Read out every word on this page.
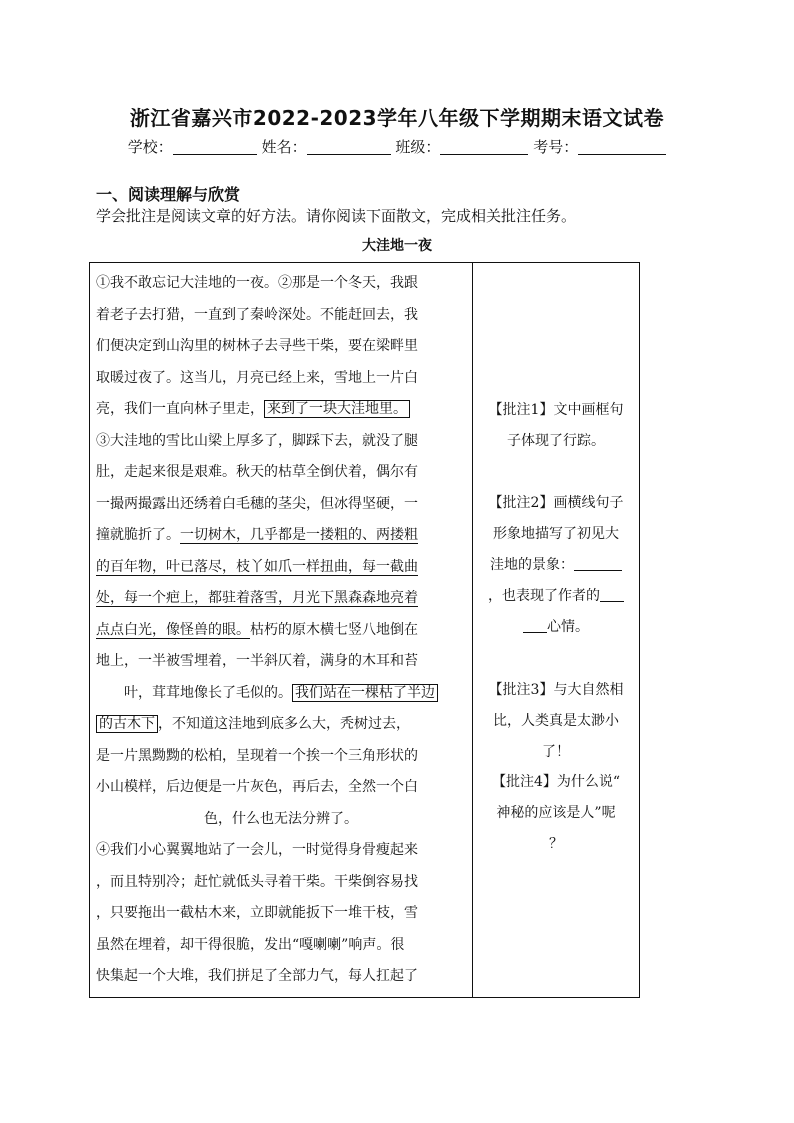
浙江省嘉兴市2022-2023学年八年级下学期期末语文试卷
学校：	姓名：	班级：	考号：
一、阅读理解与欣赏
学会批注是阅读文章的好方法。请你阅读下面散文，完成相关批注任务。
大洼地一夜
①我不敢忘记大洼地的一夜。②那是一个冬天，我跟
着老子去打猎，一直到了秦岭深处。不能赶回去，我
们便决定到山沟里的树林子去寻些干柴，要在梁畔里
取暖过夜了。这当儿，月亮已经上来，雪地上一片白
亮，我们一直向林子里走， 来到了一块大洼地里。
③大洼地的雪比山梁上厚多了，脚踩下去，就没了腿
肚，走起来很是艰难。秋天的枯草全倒伏着，偶尔有
一撮两撮露出还绣着白毛穗的茎尖，但冰得坚硬，一
撞就脆折了。一切树木，几乎都是一搂粗的、两搂粗
的百年物，叶已落尽，枝丫如爪一样扭曲，每一截曲
处，每一个疤上，都驻着落雪，月光下黑森森地亮着
点点白光，像怪兽的眼。枯朽的原木横七竖八地倒在
地上，一半被雪埋着，一半斜仄着，满身的木耳和苔
叶，茸茸地像长了毛似的。 我们站在一棵枯了半边
的古木下 ，不知道这洼地到底多么大，秃树过去，
是一片黑黝黝的松柏，呈现着一个挨一个三角形状的
小山模样，后边便是一片灰色，再后去，全然一个白
色，什么也无法分辨了。
④我们小心翼翼地站了一会儿，一时觉得身骨瘦起来
，而且特别冷；赶忙就低头寻着干柴。干柴倒容易找
，只要拖出一截枯木来，立即就能扳下一堆干枝，雪
虽然在埋着，却干得很脆，发出“嘎喇喇”响声。很
快集起一个大堆，我们拼足了全部力气，每人扛起了
【批注1】文中画框句
子体现了行踪。
【批注2】画横线句子
形象地描写了初见大
洼地的景象：
，也表现了作者的
心情。
【批注3】与大自然相
比，人类真是太渺小
了！
【批注4】为什么说“
神秘的应该是人”呢
？
